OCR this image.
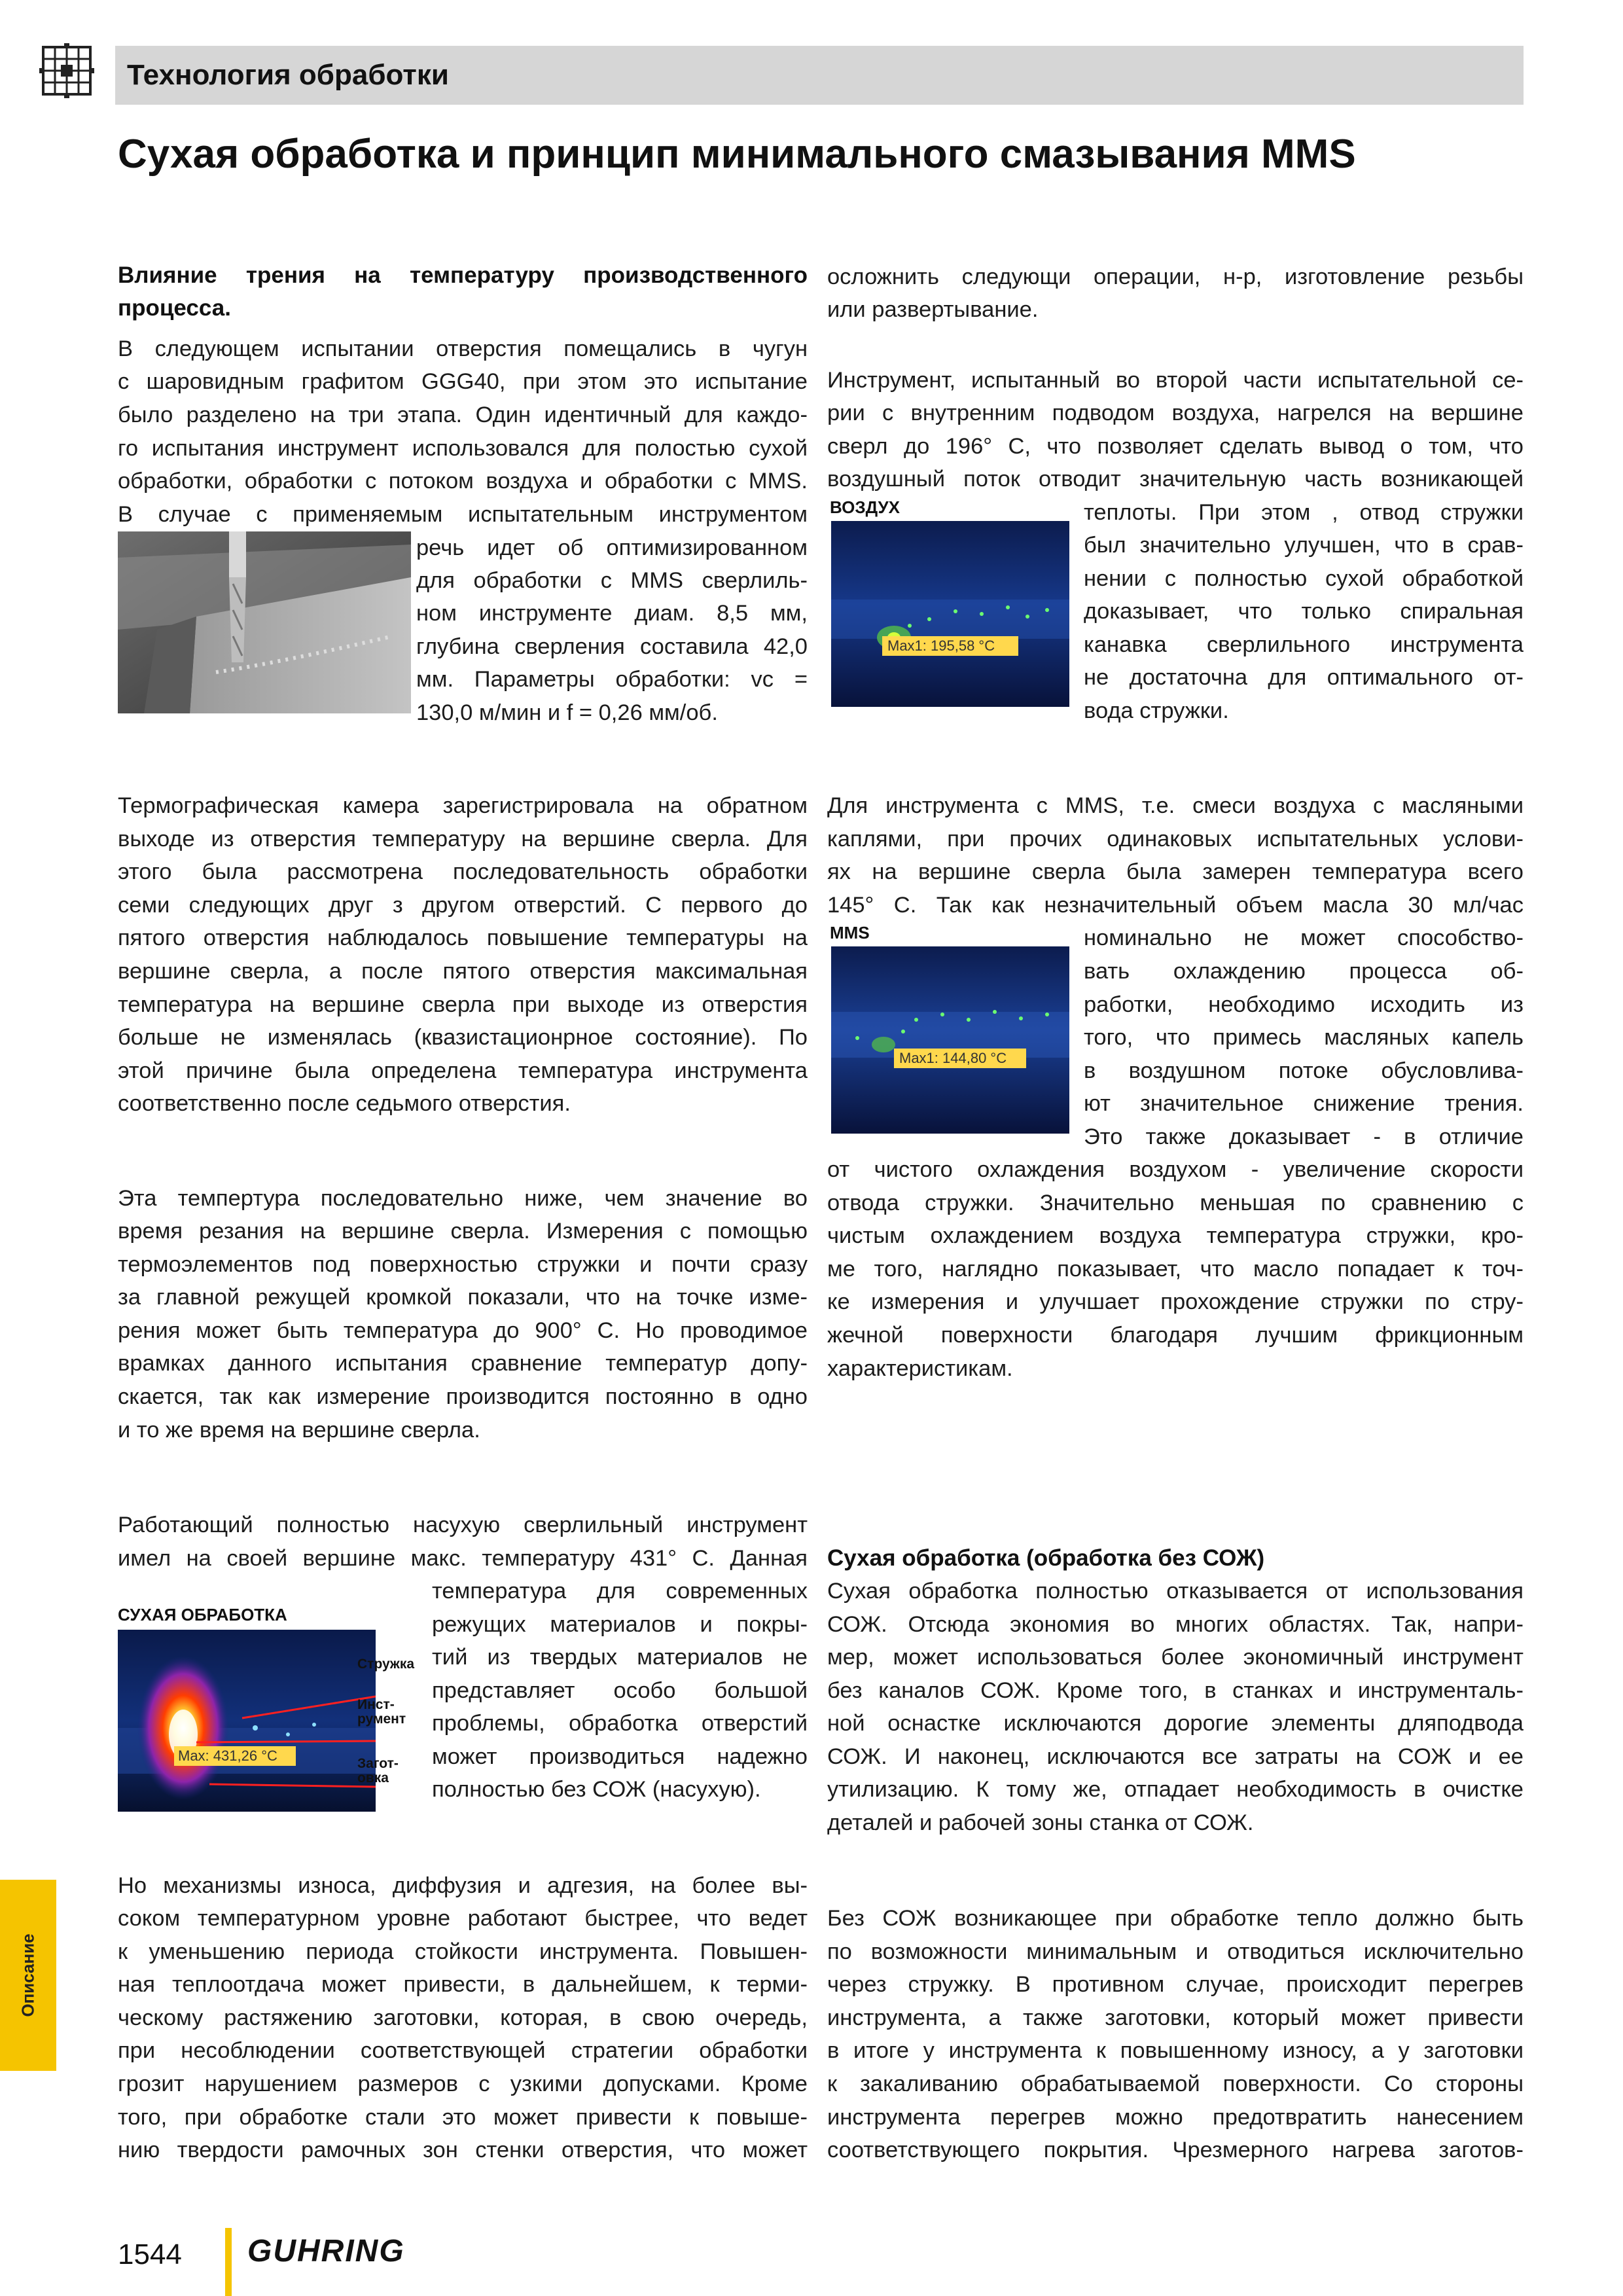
Технология обработки
Сухая обработка и принцип минимального смазывания MMS

Влияние трения на температуру производственного

процесса.

В следующем испытании отверстия помещались в чугун

с шаровидным графитом GGG40, при этом это испытание

было разделено на три этапа. Один идентичный для каждо-

го испытания инструмент использовался для полостью сухой

обработки, обработки с потоком воздуха и обработки с MMS.

В случае с применяемым испытательным инструментом

речь идет об оптимизированном

для обработки с MMS сверлиль-

ном инструменте диам. 8,5 мм,

глубина сверления составила 42,0

мм. Параметры обработки: vc =

130,0 м/мин и f = 0,26 мм/об.

Термографическая камера зарегистрировала на обратном

выходе из отверстия температуру на вершине сверла. Для

этого была рассмотрена последовательность обработки

семи следующих друг з другом отверстий. С первого до

пятого отверстия наблюдалось повышение температуры на

вершине сверла, а после пятого отверстия максимальная

температура на вершине сверла при выходе из отверстия

больше не изменялась (квазистационрное состояние). По

этой причине была определена температура инструмента

соответственно после седьмого отверстия.

Эта темпертура последовательно ниже, чем значение во

время резания на вершине сверла. Измерения с помощью

термоэлементов под поверхностью стружки и почти сразу

за главной режущей кромкой показали, что на точке изме-

рения может быть температура до 900° С. Но проводимое

врамках данного испытания сравнение температур допу-

скается, так как измерение производится постоянно в одно

и то же время на вершине сверла.

Работающий полностью насухую сверлильный инструмент

имел на своей вершине макс. температуру 431° С. Данная

СУХАЯ ОБРАБОТКА
Max: 431,26 °C
Стружка
Инст-
румент
Загот-
овка

температура для современных

режущих материалов и покры-

тий из твердых материалов не

представляет особо большой

проблемы, обработка отверстий

может производиться надежно

полностью без СОЖ (насухую).

Но механизмы износа, диффузия и адгезия, на более вы-

соком температурном уровне работают быстрее, что ведет

к уменьшению периода стойкости инструмента. Повышен-

ная теплоотдача может привести, в дальнейшем, к терми-

ческому растяжению заготовки, которая, в свою очередь,

при несоблюдении соответствующей стратегии обработки

грозит нарушением размеров с узкими допусками. Кроме

того, при обработке стали это может привести к повыше-

нию твердости рамочных зон стенки отверстия, что может

осложнить следующи операции, н-р, изготовление резьбы

или развертывание.

Инструмент, испытанный во второй части испытательной се-

рии с внутренним подводом воздуха, нагрелся на вершине

сверл до 196° С, что позволяет сделать вывод о том, что

воздушный поток отводит значительную часть возникающей

ВОЗДУХ
Max1: 195,58 °C

теплоты. При этом , отвод стружки

был значительно улучшен, что в срав-

нении с полностью сухой обработкой

доказывает, что только спиральная

канавка сверлильного инструмента

не достаточна для оптимального от-

вода стружки.

Для инструмента с MMS, т.е. смеси воздуха с масляными

каплями, при прочих одинаковых испытательных услови-

ях на вершине сверла была замерен температура всего

145° С. Так как незначительный объем масла 30 мл/час

MMS
Max1: 144,80 °C

номинально не может способство-

вать охлаждению процесса об-

работки, необходимо исходить из

того, что примесь масляных капель

в воздушном потоке обусловлива-

ют значительное снижение трения.

Это также доказывает - в отличие

от чистого охлаждения воздухом - увеличение скорости

отвода стружки. Значительно меньшая по сравнению с

чистым охлаждением воздуха температура стружки, кро-

ме того, наглядно показывает, что масло попадает к точ-

ке измерения и улучшает прохождение стружки по стру-

жечной поверхности благодаря лучшим фрикционным

характеристикам.

Сухая обработка (обработка без СОЖ)

Сухая обработка полностью отказывается от использования

СОЖ. Отсюда экономия во многих областях. Так, напри-

мер, может использоваться более экономичный инструмент

без каналов СОЖ. Кроме того, в станках и инструменталь-

ной оснастке исключаются дорогие элементы дляподвода

СОЖ. И наконец, исключаются все затраты на СОЖ и ее

утилизацию. К тому же, отпадает необходимость в очистке

деталей и рабочей зоны станка от СОЖ.

Без СОЖ возникающее при обработке тепло должно быть

по возможности минимальным и отводиться исключительно

через стружку. В противном случае, происходит перегрев

инструмента, а также заготовки, который может привести

в итоге у инструмента к повышенному износу, а у заготовки

к закаливанию обрабатываемой поверхности. Со стороны

инструмента перегрев можно предотвратить нанесением

соответствующего покрытия. Чрезмерного нагрева заготов-

Описание
1544 GUHRING
